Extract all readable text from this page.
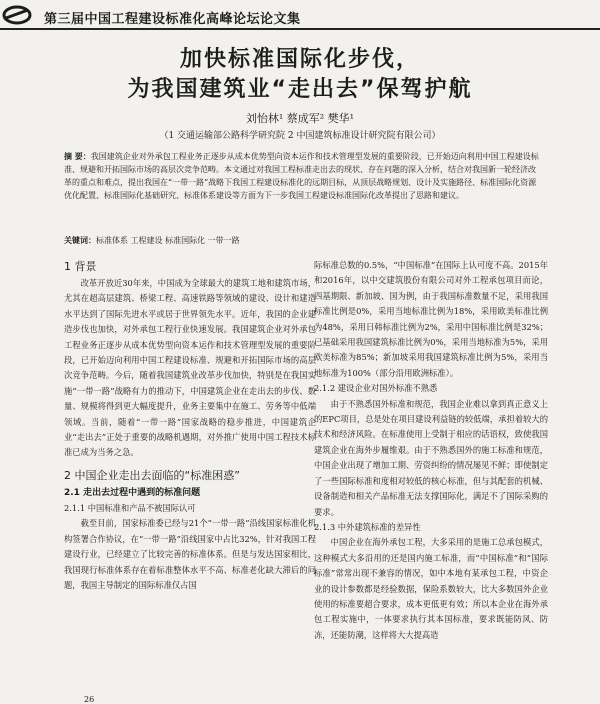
第三届中国工程建设标准化高峰论坛论文集
加快标准国际化步伐，
为我国建筑业“走出去”保驾护航
刘怡林¹ 蔡成军² 樊华¹
（1 交通运输部公路科学研究院 2 中国建筑标准设计研究院有限公司）
摘 要：我国建筑企业对外承包工程业务正逐步从成本优势型向资本运作和技术管理型发展的重要阶段，已开始迈向利用中国工程建设标准、规避和开拓国际市场的高层次竞争范畴。本文通过对我国工程标准走出去的现状、存在问题的深入分析，结合对我国新一轮经济改革的重点和难点，提出我国在“一带一路”战略下我国工程建设标准化的远期目标，从顶层战略规划、设计及实施路径、标准国际化资源优化配置、标准国际化基础研究、标准体系建设等方面为下一步我国工程建设标准国际化改革提出了思路和建议。
关键词：标准体系 工程建设 标准国际化 一带一路
1 背景

改革开放近30年来，中国成为全球最大的建筑工地和建筑市场，尤其在超高层建筑、桥梁工程、高速铁路等领域的建设、设计和建造水平达到了国际先进水平或居于世界领先水平。近年，我国的企业建造步伐也加快，对外承包工程行业快速发展。我国建筑企业对外承包工程业务正逐步从成本优势型向资本运作和技术管理型发展的重要阶段，已开始迈向利用中国工程建设标准、规避和开拓国际市场的高层次竞争范畴。今后，随着我国建筑业改革步伐加快，特别是在我国实施“一带一路”战略有力的推动下，中国建筑企业在走出去的步伐、数量、规模将得到更大幅度提升，业务主要集中在施工、劳务等中低端领域。当前，随着“一带一路”国家战略的稳步推进，中国建筑企业“走出去”正处于重要的战略机遇期，对外推广使用中国工程技术标准已成为当务之急。

2 中国企业走出去面临的“标准困惑”
2.1 走出去过程中遇到的标准问题
2.1.1 中国标准和产品不被国际认可

截至目前，国家标准委已经与21个“一带一路”沿线国家标准化机构签署合作协议，在“一带一路”沿线国家中占比32%，针对我国工程建设行业，已经建立了比较完善的标准体系。但是与发达国家相比，我国现行标准体系存在着标准整体水平不高、标准老化缺大滞后的问题，我国主导制定的国际标准仅占国

际标准总数的0.5%，“中国标准”在国际上认可度不高。2015年和2016年，以中交建筑股份有限公司对外工程承包项目而论，四基期限、新加坡、国为例，由于我国标准数量不足，采用我国标准比例是0%，采用当地标准比例为18%，采用欧美标准比例为48%，采用日韩标准比例为2%，采用中国标准比例是32%；已基础采用我国建筑标准比例为0%，采用当地标准为5%，采用欧美标准为85%；新加坡采用我国建筑标准比例为5%，采用当地标准为100%（部分沿用欧洲标准）。

2.1.2 建设企业对国外标准不熟悉

由于不熟悉国外标准和规范，我国企业难以拿到真正意义上的EPC项目，总是处在项目建设利益链的较低端，承担着较大的技术和经济风险。在标准使用上受制于相应的话语权，致使我国建筑企业在海外步履维艰。由于不熟悉国外的施工标准和规范，中国企业出现了增加工期、劳资纠纷的情况屡见不鲜；即使制定了一些国际标准和度相对较低的核心标准，但与其配套的机械、设备制造和相关产品标准无法支撑国际化，满足不了国际采购的要求。

2.1.3 中外建筑标准的差异性

中国企业在海外承包工程，大多采用的是施工总承包模式，这种模式大多沿用的还是国内施工标准，而“中国标准”和“国际标准”常常出现不兼容的情况，如中本地有某承包工程，中资企业的设计参数都是经验数据，保险系数较大，比大多数国外企业使用的标准要超合要求，成本更低更有效；所以本企业在海外承包工程实施中，一体要求执行其本国标准，要求既能防风、防冻，还能防潮，这样将大大提高造

26
